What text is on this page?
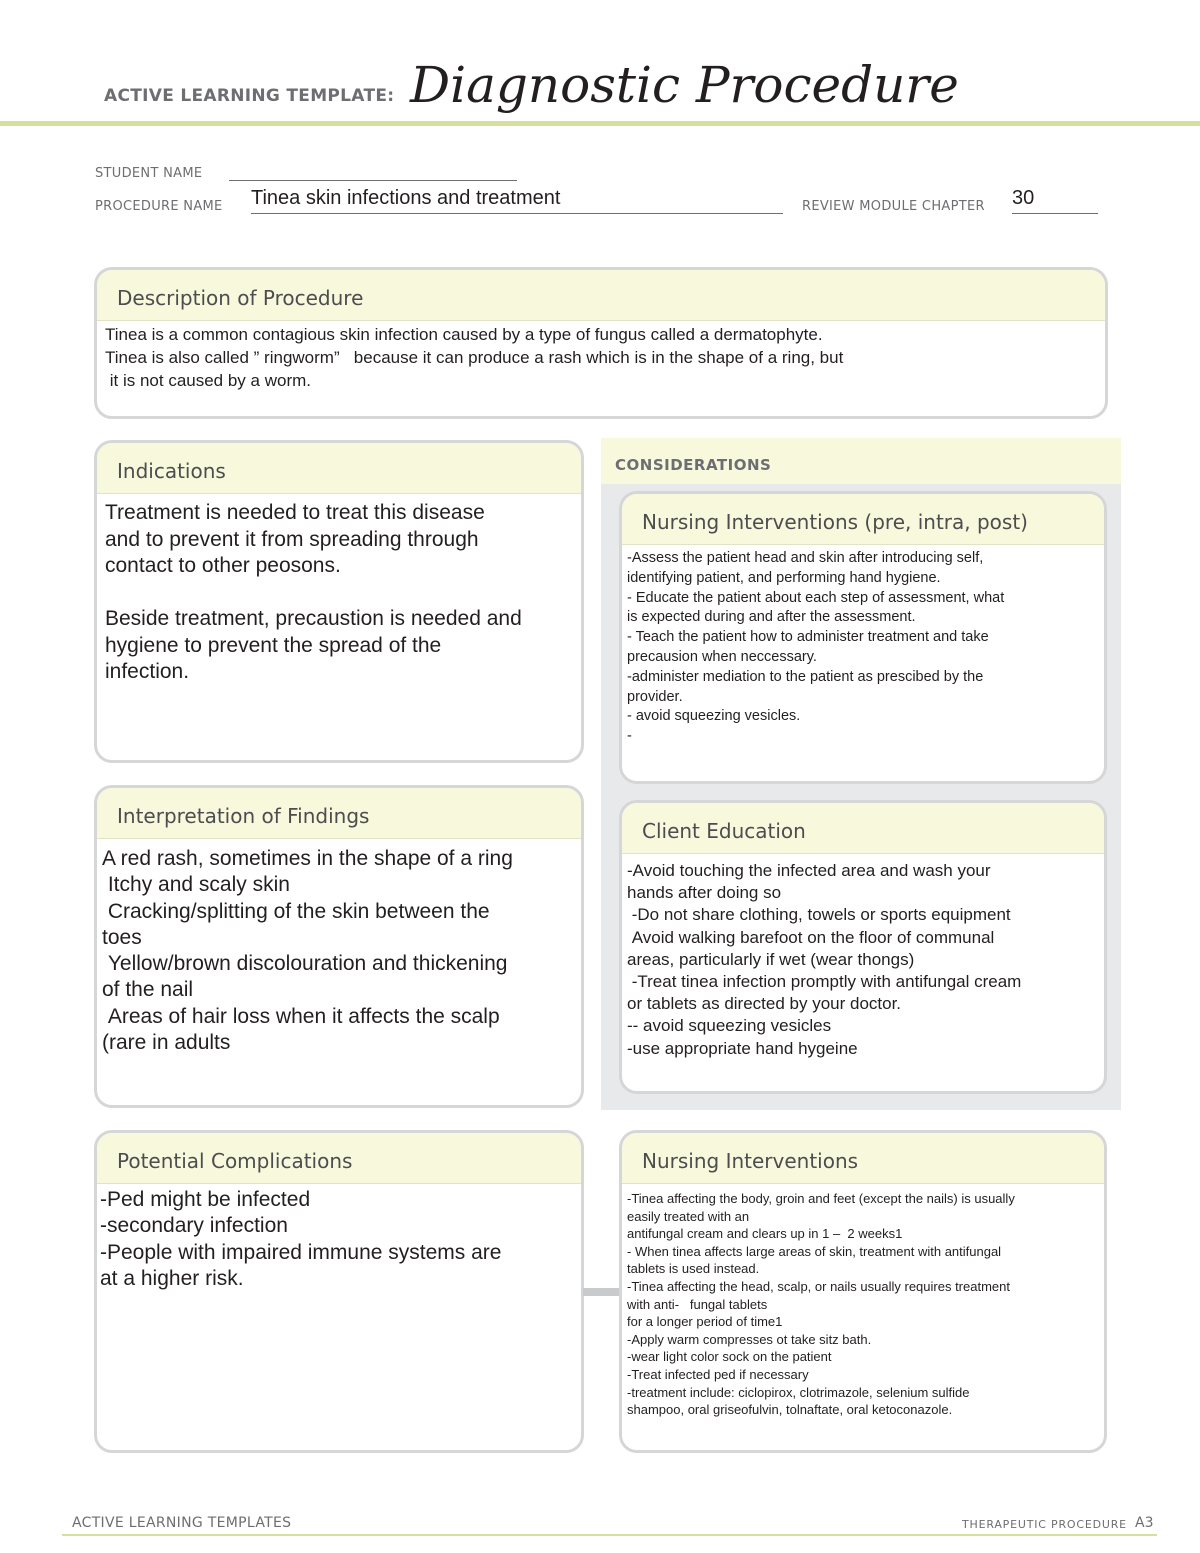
ACTIVE LEARNING TEMPLATE: Diagnostic Procedure
STUDENT NAME
PROCEDURE NAME Tinea skin infections and treatment	REVIEW MODULE CHAPTER 30
Description of Procedure
Tinea is a common contagious skin infection caused by a type of fungus called a dermatophyte.
Tinea is also called ” ringworm”   because it can produce a rash which is in the shape of a ring, but
it is not caused by a worm.
Indications
Treatment is needed to treat this disease
and to prevent it from spreading through
contact to other peosons.

Beside treatment, precaustion is needed and
hygiene to prevent the spread of the
infection.
CONSIDERATIONS
Nursing Interventions (pre, intra, post)
-Assess the patient head and skin after introducing self,
identifying patient, and performing hand hygiene.
- Educate the patient about each step of assessment, what
is expected during and after the assessment.
- Teach the patient how to administer treatment and take
precausion when neccessary.
-administer mediation to the patient as prescibed by the
provider.
- avoid squeezing vesicles.
-
Interpretation of Findings
A red rash, sometimes in the shape of a ring
Itchy and scaly skin
Cracking/splitting of the skin between the
toes
Yellow/brown discolouration and thickening
of the nail
Areas of hair loss when it affects the scalp
(rare in adults
Client Education
-Avoid touching the infected area and wash your
hands after doing so
-Do not share clothing, towels or sports equipment
Avoid walking barefoot on the floor of communal
areas, particularly if wet (wear thongs)
-Treat tinea infection promptly with antifungal cream
or tablets as directed by your doctor.
-- avoid squeezing vesicles
-use appropriate hand hygeine
Potential Complications
-Ped might be infected
-secondary infection
-People with impaired immune systems are
at a higher risk.
Nursing Interventions
-Tinea affecting the body, groin and feet (except the nails) is usually
easily treated with an
antifungal cream and clears up in 1 –  2 weeks1
- When tinea affects large areas of skin, treatment with antifungal
tablets is used instead.
-Tinea affecting the head, scalp, or nails usually requires treatment
with anti-   fungal tablets
for a longer period of time1
-Apply warm compresses ot take sitz bath.
-wear light color sock on the patient
-Treat infected ped if necessary
-treatment include: ciclopirox, clotrimazole, selenium sulfide
shampoo, oral griseofulvin, tolnaftate, oral ketoconazole.
ACTIVE LEARNING TEMPLATES	THERAPEUTIC PROCEDURE A3
